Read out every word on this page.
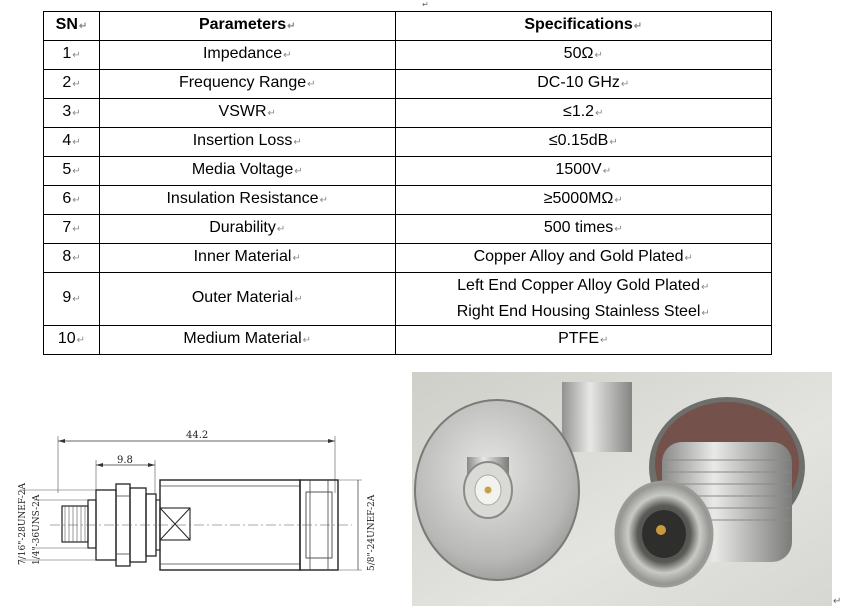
↵
SN↵	Parameters↵	Specifications↵
1↵	Impedance↵	50Ω↵
2↵	Frequency Range↵	DC-10 GHz↵
3↵	VSWR↵	≤1.2↵
4↵	Insertion Loss↵	≤0.15dB↵
5↵	Media Voltage↵	1500V↵
6↵	Insulation Resistance↵	≥5000MΩ↵
7↵	Durability↵	500 times↵
8↵	Inner Material↵	Copper Alloy and Gold Plated↵
9↵	Outer Material↵	Left End Copper Alloy Gold Plated↵
Right End Housing Stainless Steel↵

10↵	Medium Material↵	PTFE↵
44.2
9.8
7/16"-28UNEF-2A 1/4"-36UNS-2A	5/8"-24UNEF-2A
↵
